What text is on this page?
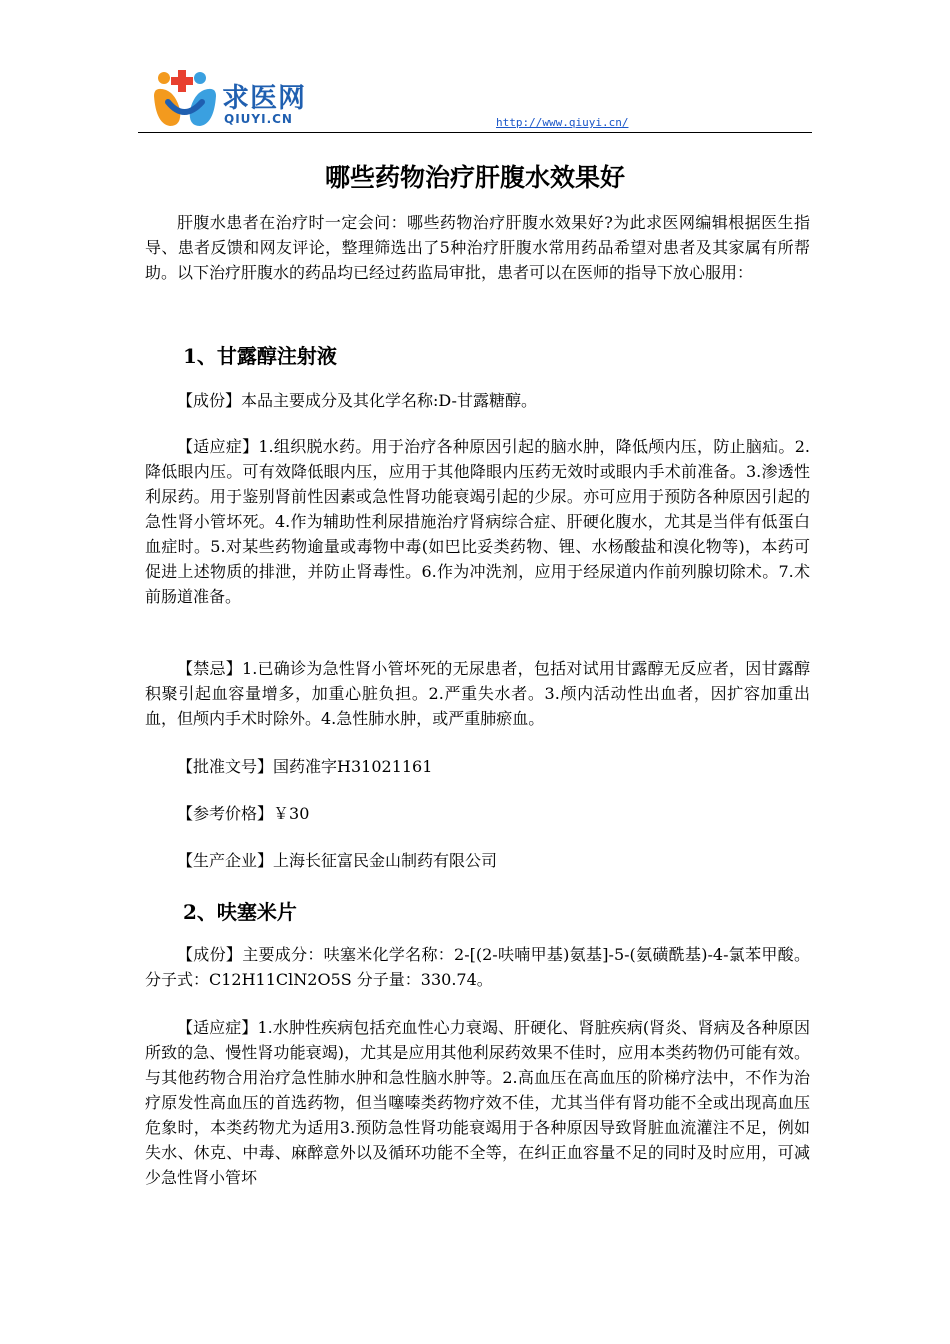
求医网
QIUYI.CN	http://www.qiuyi.cn/
哪些药物治疗肝腹水效果好

肝腹水患者在治疗时一定会问：哪些药物治疗肝腹水效果好?为此求医网编辑根据医生指导、患者反馈和网友评论，整理筛选出了5种治疗肝腹水常用药品希望对患者及其家属有所帮助。以下治疗肝腹水的药品均已经过药监局审批，患者可以在医师的指导下放心服用：

1、甘露醇注射液

【成份】本品主要成分及其化学名称:D-甘露糖醇。

【适应症】1.组织脱水药。用于治疗各种原因引起的脑水肿，降低颅内压，防止脑疝。2.降低眼内压。可有效降低眼内压，应用于其他降眼内压药无效时或眼内手术前准备。3.渗透性利尿药。用于鉴别肾前性因素或急性肾功能衰竭引起的少尿。亦可应用于预防各种原因引起的急性肾小管坏死。4.作为辅助性利尿措施治疗肾病综合症、肝硬化腹水，尤其是当伴有低蛋白血症时。5.对某些药物逾量或毒物中毒(如巴比妥类药物、锂、水杨酸盐和溴化物等)，本药可促进上述物质的排泄，并防止肾毒性。6.作为冲洗剂，应用于经尿道内作前列腺切除术。7.术前肠道准备。

【禁忌】1.已确诊为急性肾小管坏死的无尿患者，包括对试用甘露醇无反应者，因甘露醇积聚引起血容量增多，加重心脏负担。2.严重失水者。3.颅内活动性出血者，因扩容加重出血，但颅内手术时除外。4.急性肺水肿，或严重肺瘀血。

【批准文号】国药准字H31021161

【参考价格】￥30

【生产企业】上海长征富民金山制药有限公司

2、呋塞米片

【成份】主要成分：呋塞米化学名称：2-[(2-呋喃甲基)氨基]-5-(氨磺酰基)-4-氯苯甲酸。分子式：C12H11ClN2O5S 分子量：330.74。

【适应症】1.水肿性疾病包括充血性心力衰竭、肝硬化、肾脏疾病(肾炎、肾病及各种原因所致的急、慢性肾功能衰竭)，尤其是应用其他利尿药效果不佳时，应用本类药物仍可能有效。与其他药物合用治疗急性肺水肿和急性脑水肿等。2.高血压在高血压的阶梯疗法中，不作为治疗原发性高血压的首选药物，但当噻嗪类药物疗效不佳，尤其当伴有肾功能不全或出现高血压危象时，本类药物尤为适用3.预防急性肾功能衰竭用于各种原因导致肾脏血流灌注不足，例如失水、休克、中毒、麻醉意外以及循环功能不全等，在纠正血容量不足的同时及时应用，可减少急性肾小管坏
